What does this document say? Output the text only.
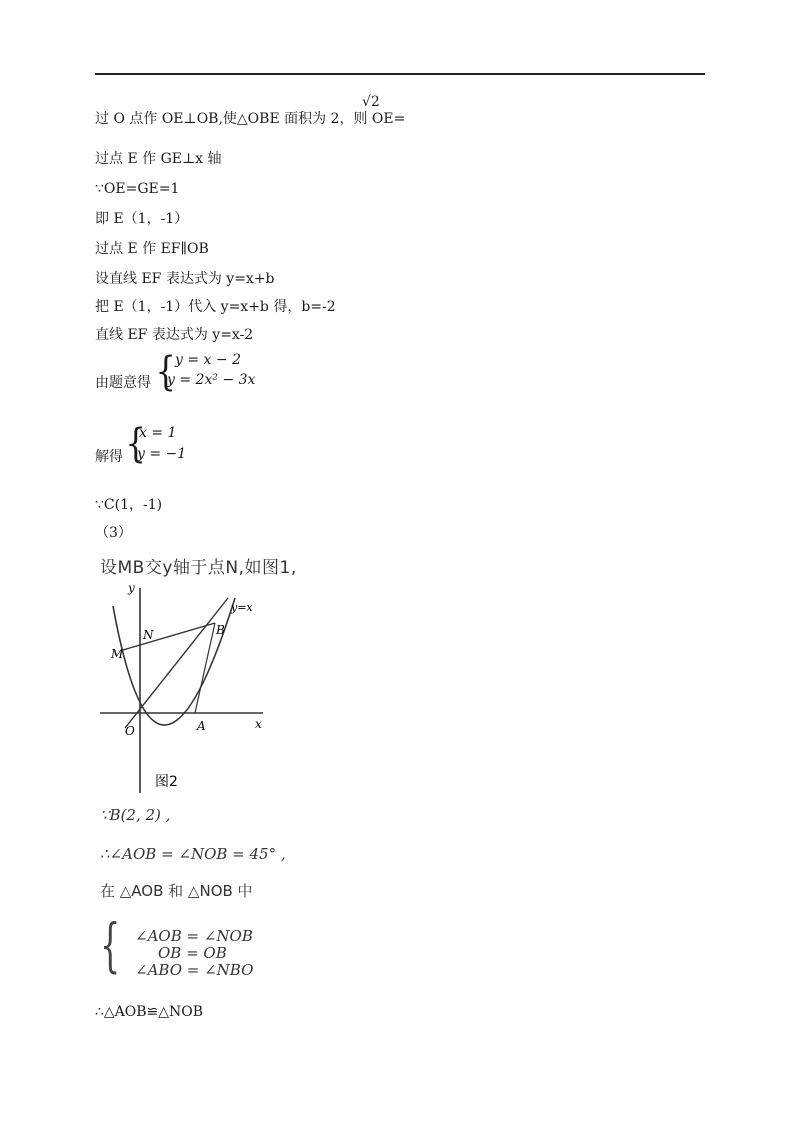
过 O 点作 OE⊥OB,使△OBE 面积为 2，则 OE=
√2
过点 E 作 GE⊥x 轴
∵OE=GE=1
即 E（1，-1）
过点 E 作 EF∥OB
设直线 EF 表达式为 y=x+b
把 E（1，-1）代入 y=x+b 得，b=-2
直线 EF 表达式为 y=x-2
由题意得 { y = x − 2
y = 2x² − 3x
解得 {
x = 1
y = −1
∵C(1，-1)
（3）
设MB交y轴于点N,如图1,
y
x
O	A
B
M
N
y=x
图2
∵B(2, 2) ,
∴∠AOB = ∠NOB = 45° ,
在 △AOB 和 △NOB 中
{ ∠AOB = ∠NOB
OB = OB
∠ABO = ∠NBO
∴△AOB≌△NOB
